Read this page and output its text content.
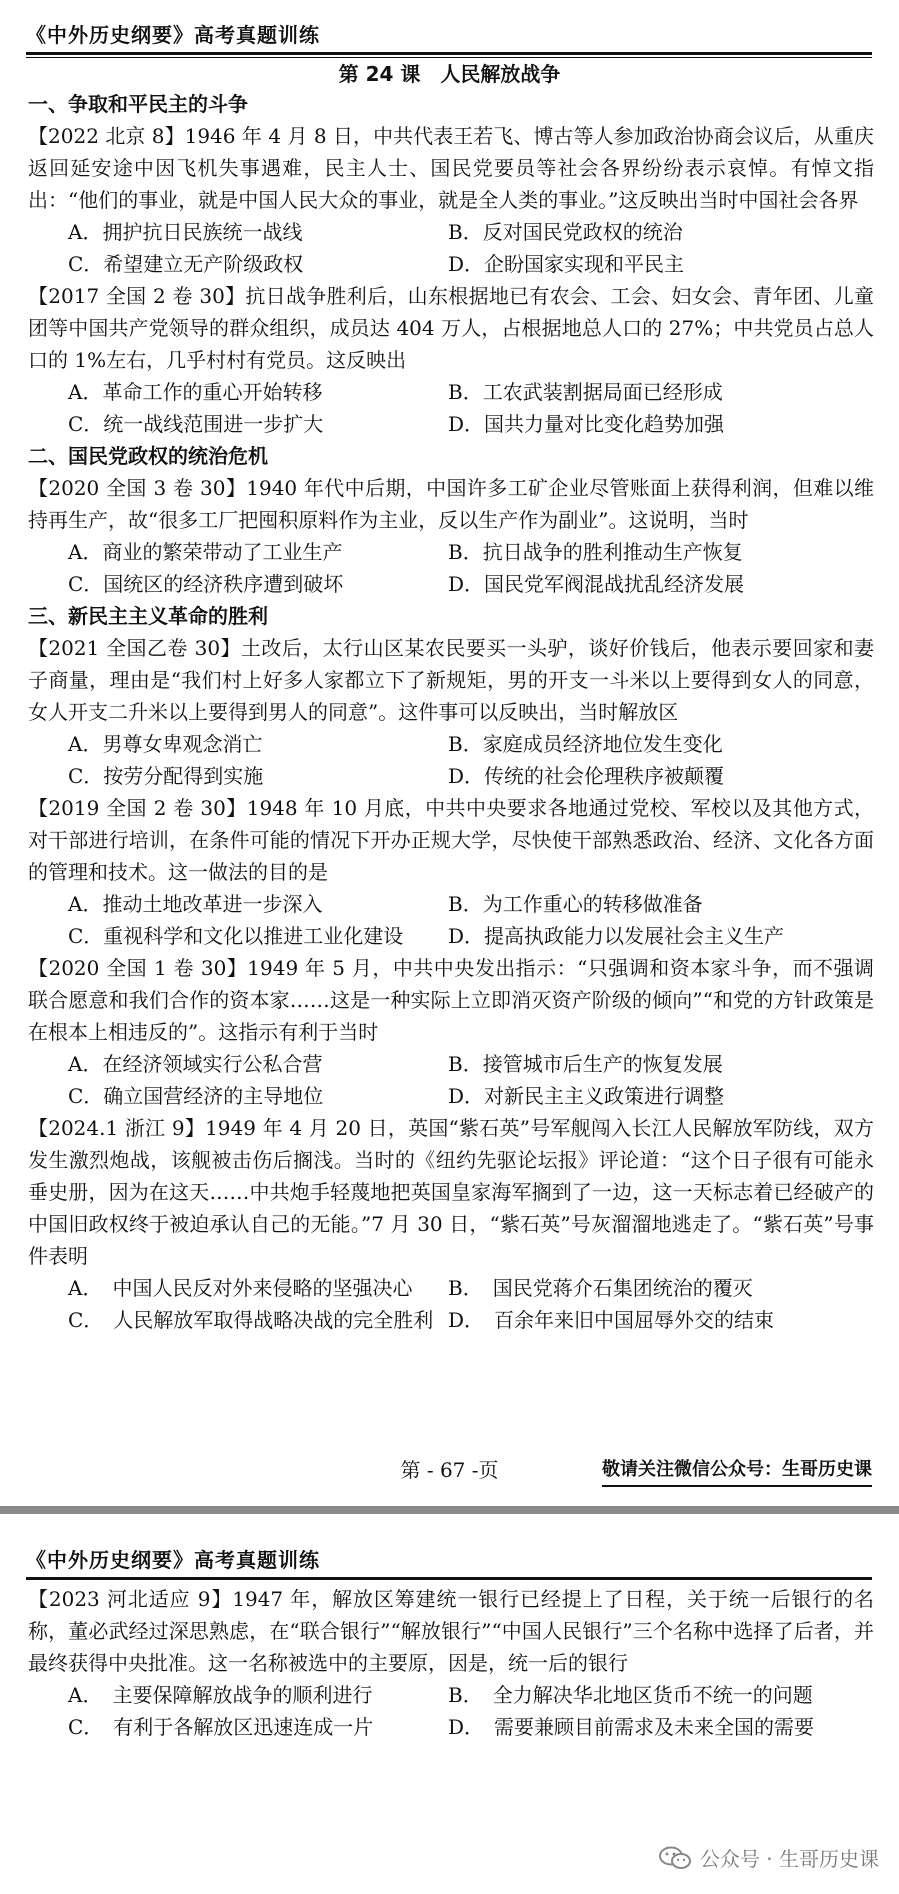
《中外历史纲要》高考真题训练
第 24 课　人民解放战争
一、争取和平民主的斗争
【2022 北京 8】1946 年 4 月 8 日，中共代表王若飞、博古等人参加政治协商会议后，从重庆返回延安途中因飞机失事遇难，民主人士、国民党要员等社会各界纷纷表示哀悼。有悼文指出：“他们的事业，就是中国人民大众的事业，就是全人类的事业。”这反映出当时中国社会各界
A．拥护抗日民族统一战线	B．反对国民党政权的统治
C．希望建立无产阶级政权	D．企盼国家实现和平民主
【2017 全国 2 卷 30】抗日战争胜利后，山东根据地已有农会、工会、妇女会、青年团、儿童团等中国共产党领导的群众组织，成员达 404 万人，占根据地总人口的 27%；中共党员占总人口的 1%左右，几乎村村有党员。这反映出
A．革命工作的重心开始转移	B．工农武装割据局面已经形成
C．统一战线范围进一步扩大	D．国共力量对比变化趋势加强
二、国民党政权的统治危机
【2020 全国 3 卷 30】1940 年代中后期，中国许多工矿企业尽管账面上获得利润，但难以维持再生产，故“很多工厂把囤积原料作为主业，反以生产作为副业”。这说明，当时
A．商业的繁荣带动了工业生产	B．抗日战争的胜利推动生产恢复
C．国统区的经济秩序遭到破坏	D．国民党军阀混战扰乱经济发展
三、新民主主义革命的胜利
【2021 全国乙卷 30】土改后，太行山区某农民要买一头驴，谈好价钱后，他表示要回家和妻子商量，理由是“我们村上好多人家都立下了新规矩，男的开支一斗米以上要得到女人的同意，女人开支二升米以上要得到男人的同意”。这件事可以反映出，当时解放区
A．男尊女卑观念消亡	B．家庭成员经济地位发生变化
C．按劳分配得到实施	D．传统的社会伦理秩序被颠覆
【2019 全国 2 卷 30】1948 年 10 月底，中共中央要求各地通过党校、军校以及其他方式，对干部进行培训，在条件可能的情况下开办正规大学，尽快使干部熟悉政治、经济、文化各方面的管理和技术。这一做法的目的是
A．推动土地改革进一步深入	B．为工作重心的转移做准备
C．重视科学和文化以推进工业化建设	D．提高执政能力以发展社会主义生产
【2020 全国 1 卷 30】1949 年 5 月，中共中央发出指示：“只强调和资本家斗争，而不强调联合愿意和我们合作的资本家……这是一种实际上立即消灭资产阶级的倾向”“和党的方针政策是在根本上相违反的”。这指示有利于当时
A．在经济领域实行公私合营	B．接管城市后生产的恢复发展
C．确立国营经济的主导地位	D．对新民主主义政策进行调整
【2024.1 浙江 9】1949 年 4 月 20 日，英国“紫石英”号军舰闯入长江人民解放军防线，双方发生激烈炮战，该舰被击伤后搁浅。当时的《纽约先驱论坛报》评论道：“这个日子很有可能永垂史册，因为在这天……中共炮手轻蔑地把英国皇家海军搁到了一边，这一天标志着已经破产的中国旧政权终于被迫承认自己的无能。”7 月 30 日，“紫石英”号灰溜溜地逃走了。“紫石英”号事件表明
A．　中国人民反对外来侵略的坚强决心	B．　国民党蒋介石集团统治的覆灭
C．　人民解放军取得战略决战的完全胜利 D．　百余年来旧中国屈辱外交的结束
第 - 67 -页	敬请关注微信公众号：生哥历史课
《中外历史纲要》高考真题训练
公众号 · 生哥历史课
【2023 河北适应 9】1947 年，解放区筹建统一银行已经提上了日程，关于统一后银行的名称，董必武经过深思熟虑，在“联合银行”“解放银行”“中国人民银行”三个名称中选择了后者，并最终获得中央批准。这一名称被选中的主要原，因是，统一后的银行
A．　主要保障解放战争的顺利进行	B．　全力解决华北地区货币不统一的问题
C．　有利于各解放区迅速连成一片	D．　需要兼顾目前需求及未来全国的需要
